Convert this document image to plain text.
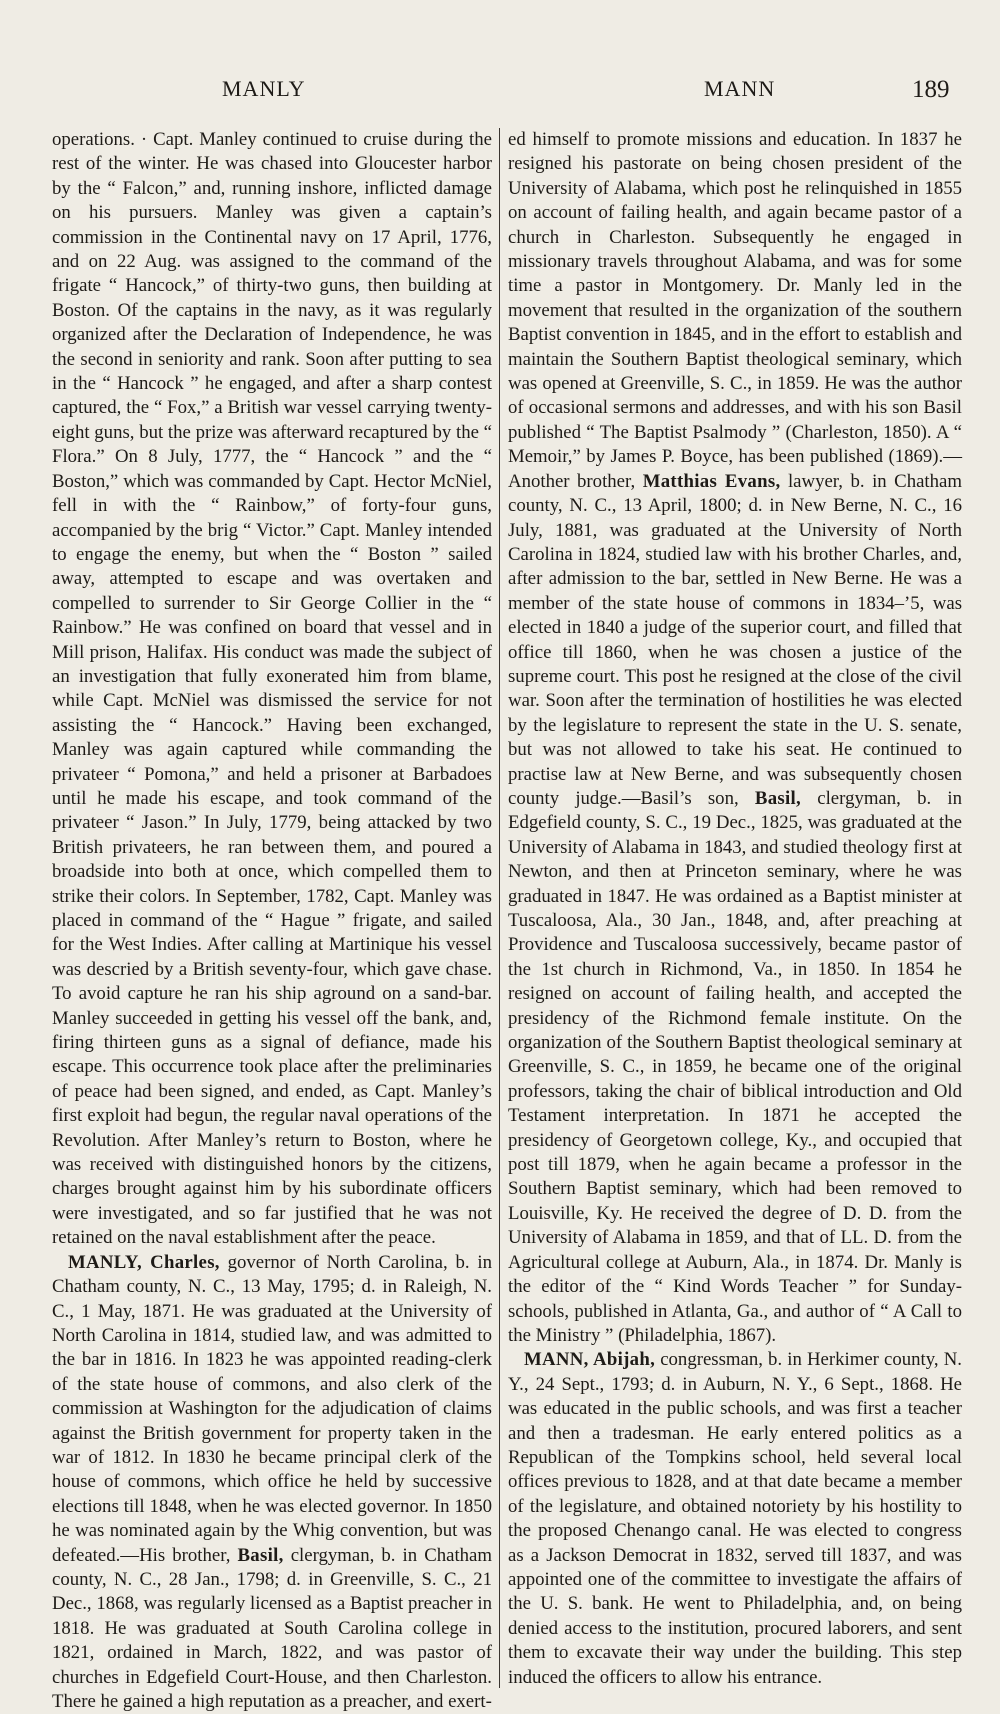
MANLY	MANN	189

operations. · Capt. Manley continued to cruise during the rest of the winter. He was chased into Gloucester harbor by the “ Falcon,” and, running inshore, inflicted damage on his pursuers. Manley was given a captain’s commission in the Continental navy on 17 April, 1776, and on 22 Aug. was assigned to the command of the frigate “ Hancock,” of thirty-two guns, then building at Boston. Of the captains in the navy, as it was regularly organized after the Declaration of Independence, he was the second in seniority and rank. Soon after putting to sea in the “ Hancock ” he engaged, and after a sharp contest captured, the “ Fox,” a British war vessel carrying twenty-eight guns, but the prize was afterward recaptured by the “ Flora.” On 8 July, 1777, the “ Hancock ” and the “ Boston,” which was commanded by Capt. Hector McNiel, fell in with the “ Rainbow,” of forty-four guns, accompanied by the brig “ Victor.” Capt. Manley intended to engage the enemy, but when the “ Boston ” sailed away, attempted to escape and was overtaken and compelled to surrender to Sir George Collier in the “ Rainbow.” He was confined on board that vessel and in Mill prison, Halifax. His conduct was made the subject of an investigation that fully exonerated him from blame, while Capt. McNiel was dismissed the service for not assisting the “ Hancock.” Having been exchanged, Manley was again captured while commanding the privateer “ Pomona,” and held a prisoner at Barbadoes until he made his escape, and took command of the privateer “ Jason.” In July, 1779, being attacked by two British privateers, he ran between them, and poured a broadside into both at once, which compelled them to strike their colors. In September, 1782, Capt. Manley was placed in command of the “ Hague ” frigate, and sailed for the West Indies. After calling at Martinique his vessel was descried by a British seventy-four, which gave chase. To avoid capture he ran his ship aground on a sand-bar. Manley succeeded in getting his vessel off the bank, and, firing thirteen guns as a signal of defiance, made his escape. This occurrence took place after the preliminaries of peace had been signed, and ended, as Capt. Manley’s first exploit had begun, the regular naval operations of the Revolution. After Manley’s return to Boston, where he was received with distinguished honors by the citizens, charges brought against him by his subordinate officers were investigated, and so far justified that he was not retained on the naval establishment after the peace.

MANLY, Charles, governor of North Carolina, b. in Chatham county, N. C., 13 May, 1795; d. in Raleigh, N. C., 1 May, 1871. He was graduated at the University of North Carolina in 1814, studied law, and was admitted to the bar in 1816. In 1823 he was appointed reading-clerk of the state house of commons, and also clerk of the commission at Washington for the adjudication of claims against the British government for property taken in the war of 1812. In 1830 he became principal clerk of the house of commons, which office he held by successive elections till 1848, when he was elected governor. In 1850 he was nominated again by the Whig convention, but was defeated.—His brother, Basil, clergyman, b. in Chatham county, N. C., 28 Jan., 1798; d. in Greenville, S. C., 21 Dec., 1868, was regularly licensed as a Baptist preacher in 1818. He was graduated at South Carolina college in 1821, ordained in March, 1822, and was pastor of churches in Edgefield Court-House, and then Charleston. There he gained a high reputation as a preacher, and exert-

ed himself to promote missions and education. In 1837 he resigned his pastorate on being chosen president of the University of Alabama, which post he relinquished in 1855 on account of failing health, and again became pastor of a church in Charleston. Subsequently he engaged in missionary travels throughout Alabama, and was for some time a pastor in Montgomery. Dr. Manly led in the movement that resulted in the organization of the southern Baptist convention in 1845, and in the effort to establish and maintain the Southern Baptist theological seminary, which was opened at Greenville, S. C., in 1859. He was the author of occasional sermons and addresses, and with his son Basil published “ The Baptist Psalmody ” (Charleston, 1850). A “ Memoir,” by James P. Boyce, has been published (1869).—Another brother, Matthias Evans, lawyer, b. in Chatham county, N. C., 13 April, 1800; d. in New Berne, N. C., 16 July, 1881, was graduated at the University of North Carolina in 1824, studied law with his brother Charles, and, after admission to the bar, settled in New Berne. He was a member of the state house of commons in 1834–’5, was elected in 1840 a judge of the superior court, and filled that office till 1860, when he was chosen a justice of the supreme court. This post he resigned at the close of the civil war. Soon after the termination of hostilities he was elected by the legislature to represent the state in the U. S. senate, but was not allowed to take his seat. He continued to practise law at New Berne, and was subsequently chosen county judge.—Basil’s son, Basil, clergyman, b. in Edgefield county, S. C., 19 Dec., 1825, was graduated at the University of Alabama in 1843, and studied theology first at Newton, and then at Princeton seminary, where he was graduated in 1847. He was ordained as a Baptist minister at Tuscaloosa, Ala., 30 Jan., 1848, and, after preaching at Providence and Tuscaloosa successively, became pastor of the 1st church in Richmond, Va., in 1850. In 1854 he resigned on account of failing health, and accepted the presidency of the Richmond female institute. On the organization of the Southern Baptist theological seminary at Greenville, S. C., in 1859, he became one of the original professors, taking the chair of biblical introduction and Old Testament interpretation. In 1871 he accepted the presidency of Georgetown college, Ky., and occupied that post till 1879, when he again became a professor in the Southern Baptist seminary, which had been removed to Louisville, Ky. He received the degree of D. D. from the University of Alabama in 1859, and that of LL. D. from the Agricultural college at Auburn, Ala., in 1874. Dr. Manly is the editor of the “ Kind Words Teacher ” for Sunday-schools, published in Atlanta, Ga., and author of “ A Call to the Ministry ” (Philadelphia, 1867).

MANN, Abijah, congressman, b. in Herkimer county, N. Y., 24 Sept., 1793; d. in Auburn, N. Y., 6 Sept., 1868. He was educated in the public schools, and was first a teacher and then a tradesman. He early entered politics as a Republican of the Tompkins school, held several local offices previous to 1828, and at that date became a member of the legislature, and obtained notoriety by his hostility to the proposed Chenango canal. He was elected to congress as a Jackson Democrat in 1832, served till 1837, and was appointed one of the committee to investigate the affairs of the U. S. bank. He went to Philadelphia, and, on being denied access to the institution, procured laborers, and sent them to excavate their way under the building. This step induced the officers to allow his entrance.
